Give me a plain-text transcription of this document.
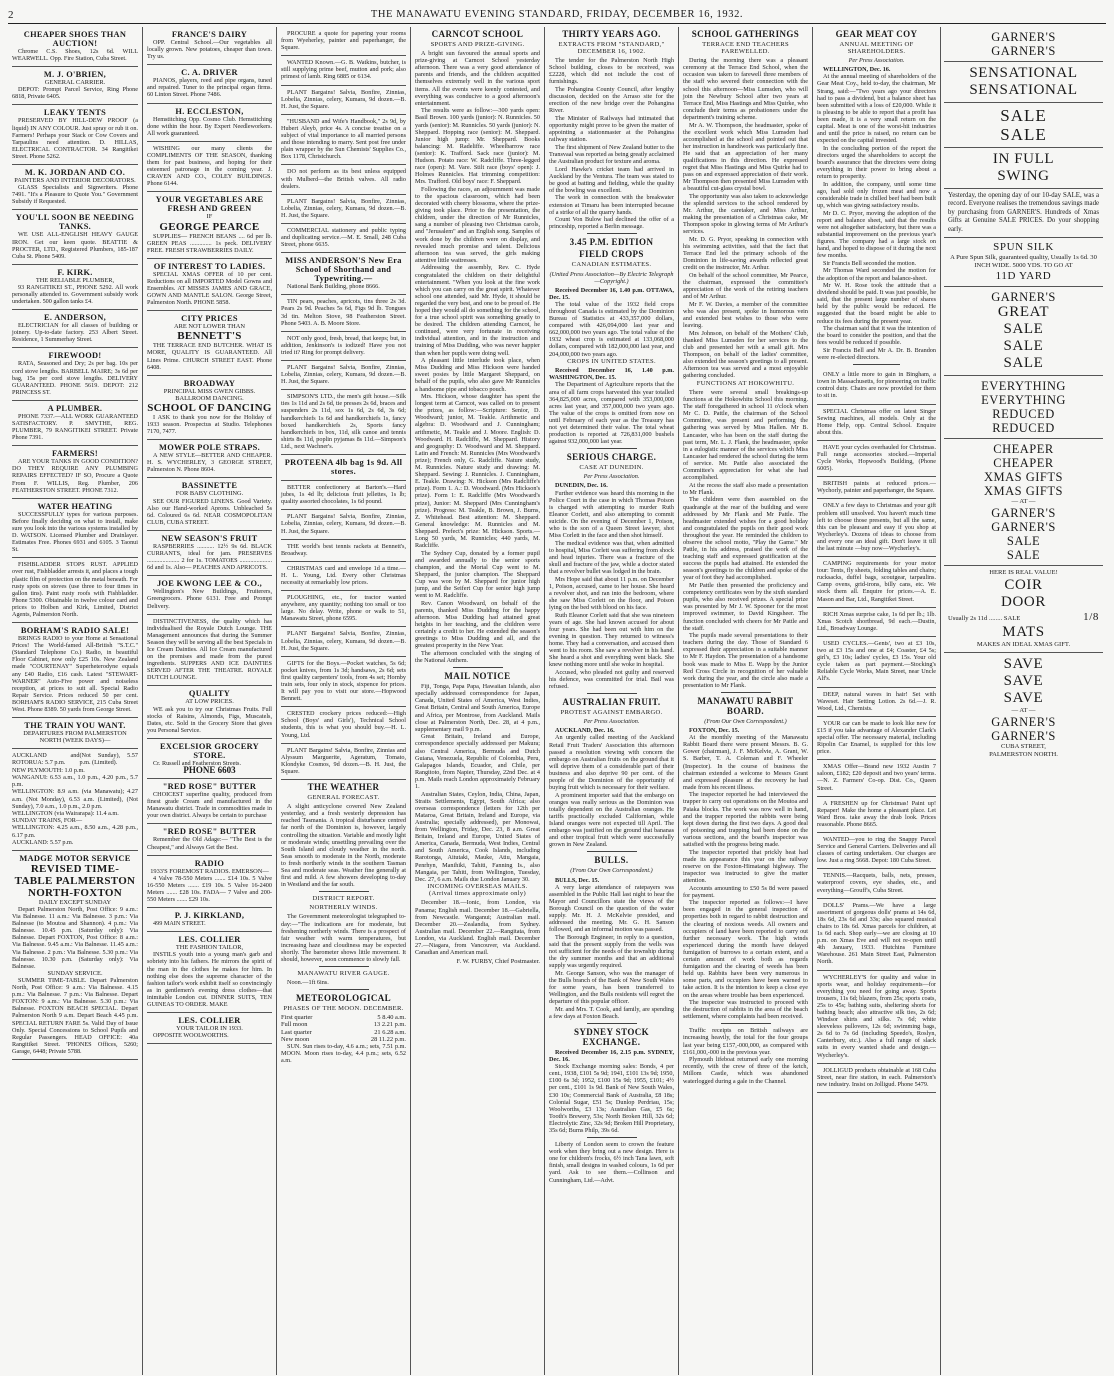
2	THE MANAWATU EVENING STANDARD, FRIDAY, DECEMBER 16, 1932.
CHEAPER SHOES THAN AUCTION!
Chrome C.S. Shoes, 12s 6d. WILL WEARWELL. Opp. Fire Station, Cuba Street.
M. J. O'BRIEN,
GENERAL CARRIER.
DEPOT: Prompt Parcel Service, Ring Phone 6818, Private 6405.
LEAKY TENTS
PRESERVED BY HILL-DEW PROOF (a liquid) IN ANY COLOUR. Just spray or rub it on. Farmers! Perhaps your Stack or Cow Covers and Tarpaulins need attention. D. HILLAS, ELECTRICAL CONTRACTOR. 34 Rangitikei Street. Phone 5262.
M. K. JORDAN AND CO.
PAINTERS AND INTERIOR DECORATORS.
GLASS Specialists and Signwriters. Phone 7491. "It's a Pleasure to Quote You." Government Subsidy if Requested.
YOU'LL SOON BE NEEDING TANKS.
WE USE ALL-ENGLISH HEAVY GAUGE IRON. Get our keen quote. BEATTIE & PROCTER, LTD., Registered Plumbers, 185-187 Cuba St. Phone 5409.
F. KIRK.
THE RELIABLE PLUMBER,
93 RANGITIKEI ST., PHONE 5292. All work personally attended to. Government subsidy work undertaken. 500 gallon tanks £4.
E. ANDERSON,
ELECTRICIAN for all classes of building or joinery. Up-to-date factory. 253 Albert Street. Residence, 1 Summerhay Street.
FIREWOOD!
RATA, Seasoned and Dry; 2s per bag. 10s per cord stove lengths. BARBELL MAIRE; 3s 6d per bag, 15s per cord stove lengths. DELIVERY GUARANTEED. PHONE 5619. DEPOT: 212 PRINCESS ST.
A PLUMBER.
PHONE 7337.—ALL WORK GUARANTEED SATISFACTORY. P. SMYTHE, REG. PLUMBER, 79 RANGITIKEI STREET. Private Phone 7391.
FARMERS!
ARE YOUR TANKS IN GOOD CONDITION? DO THEY REQUIRE ANY PLUMBING REPAIRS EFFECTED? IF SO, Procure a Quote From F. WILLIS, Reg. Plumber, 206 FEATHERSTON STREET. PHONE 7312.
WATER HEATING
SUCCESSFULLY types for various purposes. Before finally deciding on what to install, make sure you look into the various systems installed by D. WATSON. Licensed Plumber and Drainlayer. Estimates Free. Phones 6931 and 6105. 3 Taonui St.
FISHBLADDER STOPS RUST. APPLIED over rust, Fishbladder arrests it, and places a tough plastic film of protection on the metal beneath. For rusty spots on stoves (use three to four times in gallon tins). Paint rusty roofs with Fishbladder. Phone 5300. Obtainable in twelve colour card and prices to Holben and Kirk, Limited, District Agents, Palmerston North.
BORHAM'S RADIO SALE!
BRINGS RADIO to your Home at Sensational Prices! The World-famed All-British "S.T.C." (Standard Telephone Co.) Radio, in beautiful Floor Cabinet, now only £25 10s. New Zealand made "COURTENAY" Superheterodyne equals any £40 Radio, £16 cash. Latest "STEWART-WARNER" Auto-Five power and noiseless reception, at prices to suit all. Special Radio Repair Service. Prices reduced 50 per cent. BORHAM'S RADIO SERVICE, 215 Cuba Street West. Phone 8389. 50 yards from George Street.
THE TRAIN YOU WANT.
DEPARTURES FROM PALMERSTON NORTH (WEEK DAYS)—
AUCKLAND and ROTORUA: 5.7 p.m.
(Not Sunday), 5.57 p.m. (Limited).
NEW PLYMOUTH: 1.0 p.m.
WANGANUI: 6.53 a.m., 1.0 p.m., 4.20 p.m., 5.7 p.m.
WELLINGTON: 8.9 a.m. (via Manawatu); 4.27 a.m. (Not Monday), 6.53 a.m. (Limited), (Not Sunday), 7.0 a.m., 1.0 p.m., 2.0 p.m.
WELLINGTON (via Wairarapa): 11.4 a.m.
SUNDAY TRAINS, FOR—
WELLINGTON: 4.25 a.m., 8.50 a.m., 4.28 p.m., 6.17 p.m.
AUCKLAND: 5.57 p.m.
MADGE MOTOR SERVICE
REVISED TIME-TABLE PALMERSTON NORTH-FOXTON
DAILY EXCEPT SUNDAY
Depart Palmerston North, Post Office: 9 a.m.: Via Balnesse. 11 a.m.: Via Balnesse. 3 p.m.: Via Balnesse (to Moutoa and Shannon). 4 p.m.: Via Balnesse. 10.45 p.m. (Saturday only): Via Balnesse. Depart FOXTON, Post Office: 8 a.m.: Via Balnesse. 9.45 a.m.: Via Balnesse. 11.45 a.m.: Via Balnesse. 2 p.m.: Via Balnesse. 5.30 p.m.: Via Balnesse. 10.30 p.m. (Saturday only): Via Balnesse.
SUNDAY SERVICE.
SUMMER TIME-TABLE. Depart Palmerston North, Post Office: 9 a.m.: Via Balnesse. 4.15 p.m.: Via Balnesse. 7 p.m.: Via Balnesse. Depart FOXTON: 9 a.m.: Via Balnesse. 5.30 p.m.: Via Balnesse. FOXTON BEACH SPECIAL. Depart Palmerston North 9 a.m. Depart Beach 4.45 p.m. SPECIAL RETURN FARE 5s. Valid Day of Issue Only. Special Concessions to School Pupils and Regular Passengers. HEAD OFFICE: 40a Rangitikei Street. 'PHONES Offices, 5260; Garage, 6448; Private 5788.
FRANCE'S DAIRY
OPP. Central School.—Our vegetables all locally grown. New potatoes, cheaper than town. Try us.
C. A. DRIVER
PIANOS, players, reed and pipe organs, tuned and repaired. Tuner to the principal organ firms. 60 Linton Street. Phone 7486.
H. ECCLESTON,
Hemstitching Opp. Cosmo Club. Hemstitching done within the hour. By Expert Needleworkers. All work guaranteed.
WISHING our many clients the COMPLIMENTS OF THE SEASON, thanking them for past business, and hoping for their esteemed patronage in the coming year. J. CRAVEN AND CO., COLEY BUILDINGS. Phone 6144.
YOUR VEGETABLES ARE FRESH AND GREEN
IF
GEORGE PEARCE
SUPPLIES— FRENCH BEANS .... 6d per lb. GREEN PEAS .............. 1s peck. DELIVERY FREE. FRESH STRAWBERRIES DAILY.
OF INTEREST TO LADIES.
SPECIAL XMAS OFFER of 10 per cent. Reductions on all IMPORTED Model Gowns and Ensembles. AT MISSES JAMES AND GRACE, GOWN AND MANTLE SALON. George Street, Palmerston North. PHONE 5858.
CITY PRICES
ARE NOT LOWER THAN
BENNETT'S
THE TERRACE END BUTCHER. WHAT IS MORE, QUALITY IS GUARANTEED. All Lines Prime. CHURCH STREET EAST. Phone 6408.
BROADWAY
PRINCIPAL MISS GWEN GIBBS. BALLROOM DANCING.
SCHOOL OF DANCING
I ASK to thank you now for the Holiday of 1933 season. Prospectus at Studio. Telephones 7170, 7477.
MOWER POLE STRAPS.
A NEW STYLE—BETTER AND CHEAPER. H. S. WYCHERLEY, 3 GEORGE STREET, Palmerston N. Phone 8604.
BASSINETTE
FOR BABY CLOTHING.
SEE OUR FIGURED LINENS. Good Variety. Also our Hand-worked Aprons. Unbleached 5s 6d. Coloured 6s 6d. NEAR COSMOPOLITAN CLUB, CUBA STREET.
NEW SEASON'S FRUIT
RASPBERRIES ........... 12½ 9s 6d. BLACK CURRANTS, ideal for jam. PRESERVES ..................... 2 for 1s. TOMATOES ..................... 6d and 1s. Also— PEACHES AND APRICOTS.
JOE KWONG LEE & CO.,
Wellington's New Buildings, Fruiterers, Greengrocers. Phone 6131. Free and Prompt Delivery.
DISTINCTIVENESS, the quality which has individualised the Royale Dutch Lounge. THE Management announces that during the Summer Season they will be serving all the best Specials in Ice Cream Dainties. All Ice Cream manufactured on the premises and made from the purest ingredients. SUPPERS AND ICE DAINTIES SERVED AFTER THE THEATRE. ROYALE DUTCH LOUNGE.
QUALITY
AT LOW PRICES.
WE ask you to try our Christmas Fruits. Full stocks of Raisins, Almonds, Figs, Muscatels, Dates, etc. Sold in the Grocery Store that gives you Personal Service.
EXCELSIOR GROCERY STORE.
Cr. Russell and Featherston Streets.
PHONE 6603
"RED ROSE" BUTTER
CHOICEST superfine quality, produced from finest grade Cream and manufactured in the Manawatu district. Trade in commodities made in your own district. Always be certain to purchase
"RED ROSE" BUTTER
Remember the Old Adage:— "The Best is the Cheapest," and Always Get the Best.
RADIO
1933'S FOREMOST RADIOS. EMERSON—
4 Valve 78-550 Meters ....... £14 10s. 5 Valve 16-550 Meters ....... £19 10s. 5 Valve 16-2400 Meters ....... £28 10s. FADA— 7 Valve and 200-550 Meters ....... £29 10s.
P. J. KIRKLAND,
499 MAIN STREET.
LES. COLLIER
THE FASHION TAILOR,
INSTILS youth into a young man's garb and sobriety into his fathers. He mirrors the spirit of the man in the clothes he makes for him. In nothing else does the supreme character of the fashion tailor's work exhibit itself so convincingly as in gentlemen's evening dress clothes—that inimitable London cut. DINNER SUITS, TEN GUINEAS TO ORDER. MAKE
LES. COLLIER
YOUR TAILOR IN 1933.
OPPOSITE WOOLWORTHS.
PROCURE a quote for papering your rooms from Wyeherley, painter and paperhanger, the Square.
WANTED Known.—G. B. Watkins, butcher, is still supplying prime beef, mutton and pork; also primest of lamb. Ring 6885 or 6134.
PLANT Bargains! Salvia, Bonfire, Zinnias, Lobelia, Zinnias, celery, Kumara, 9d dozen.—B. H. Just, the Square.
"HUSBAND and Wife's Handbook," 2s 9d, by Hubert Aleyb, price 4s. A concise treatise on a subject of vital importance to all married persons and those intending to marry. Sent post free under plain wrapper by the Sun Chemists' Supplies Co., Box 1178, Christchurch.
DO not perform as its best unless equipped with Mulberd—the British valves. All radio dealers.
PLANT Bargains! Salvia, Bonfire, Zinnias, Lobelia, Zinnias, celery, Kumara, 9d dozen.—B. H. Just, the Square.
COMMERCIAL stationery and public typing and duplicating service.—M. E. Small, 248 Cuba Street, phone 6635.
MISS ANDERSON'S New Era School of Shorthand and Typewriting.—
National Bank Building, phone 8666.
TIN pears, peaches, apricots, tins three 2s 3d. Pears 2s 9d. Peaches 5s 6d, Figs 9d lb. Tongues 3d tin. Melton Stove, 98 Featherston Street. Phone 5403. A. B. Moore Store.
NOT only good, fresh, bread, that keeps; but, in addition, Jenkinson's is iodized! Have you not tried it? Ring for prompt delivery.
PLANT Bargains! Salvia, Bonfire, Zinnias, Lobelia, Zinnias, celery, Kumara, 9d dozen.—B. H. Just, the Square.
SIMPSON'S LTD., the men's gift house.—Silk ties 1s 11d and 2s 6d, tie presses 2s 6d, braces and suspenders 2s 11d, sox 1s 6d, 2s 6d, 3s 6d; handkerchiefs 1s 6d and handkerchiefs 1s, fancy boxed handkerchiefs 2s, Sports fancy handkerchiefs in box, 11d, silk canoe and tennis shirts 8s 11d, poplin pyjamas 8s 11d.—Simpson's Ltd., next Wachner's.
PROTEENA 4lb bag 1s 9d. All stores.
BETTER confectionery at Barton's.—Hard jubes, 1s 4d lb; delicious fruit jellettes, 1s lb; quality assorted chocolates, 1s 6d pound.
PLANT Bargains! Salvia, Bonfire, Zinnias, Lobelia, Zinnias, celery, Kumara, 9d dozen.—B. H. Just, the Square.
THE world's best tennis rackets at Bennett's, Broadway.
CHRISTMAS card and envelope 1d a time.—H. L. Young, Ltd. Every other Christmas necessity at remarkably low prices.
PLOUGHING, etc., for tractor wanted anywhere, any quantity; nothing too small or too large. No delay. Write, phone or walk to 51, Manawatu Street, phone 6595.
PLANT Bargains! Salvia, Bonfire, Zinnias, Lobelia, Zinnias, celery, Kumara, 9d dozen.—B. H. Just, the Square.
GIFTS for the Boys.—Pocket watches, 5s 6d; pocket knives, from 1s 3d; handsaws, 2s 6d; sets first quality carpenters' tools, from 4s set; Hornby train sets, four only in stock, sixpence for prices. It will pay you to visit our store.—Hopwood Bennett.
CRESTED crockery prices reduced:—High School (Boys' and Girls'), Technical School students, this is what you should buy.—H. L. Young, Ltd.
PLANT Bargains! Salvia, Bonfire, Zinnias and Alyssum Marguerite, Ageratum, Tomato, Klondyke Cosmos, 9d dozen.—B. H. Just, the Square.
THE WEATHER
GENERAL FORECAST.
A slight anticyclone covered New Zealand yesterday, and a fresh westerly depression has reached Tasmania. A tropical disturbance centred far north of the Dominion is, however, largely controlling the situation. Variable and mostly light or moderate winds; unsettling prevailing over the South Island and cloudy weather in the north. Seas smooth to moderate in the North, moderate to fresh northerly winds in the southern Tasman Sea and moderate seas. Weather fine generally at first and mild. A few showers developing to-day in Westland and the far south.
DISTRICT REPORT.
NORTHERLY WINDS.
The Government meteorologist telegraphed to-day:—"The indications are for moderate, but freshening northerly winds. There is a prospect of fair weather with warm temperatures, but increasing haze and cloudiness may be expected shortly. The barometer shows little movement. It should, however, soon commence to slowly fall.
MANAWATU RIVER GAUGE.
Noon.—1ft 6ins.
METEOROLOGICAL
PHASES OF THE MOON. DECEMBER.
First quarter	5 8.40 a.m.
Full moon	13 2.21 p.m.
Last quarter	21 6.28 a.m.
New moon	28 11.22 p.m.
SUN. Sun rises to-day, 4.6 a.m.; sets, 7.51 p.m. MOON. Moon rises to-day, 4.4 p.m.; sets, 6.52 a.m.
CARNCOT SCHOOL
SPORTS AND PRIZE-GIVING.
A bright sun favoured the annual sports and prize-giving at Carncot School yesterday afternoon. There was a very good attendance of parents and friends, and the children acquitted themselves extremely well in the various sport items. All the events were keenly contested, and everything was conducive to a good afternoon's entertainment.
The results were as follow:—300 yards open: Basil Brown. 100 yards (junior): N. Runnicles. 50 yards (senior): M. Runnicles. 50 yards (junior): N. Sheppard. Hopping race (senior): M. Sheppard. Junior high jump: Mr. Sheppard. Books balancing: M. Radeliffe. Wheelbarrow race (senior): K. Trafford. Sack race (junior): M. Hudson. Potato race: W. Radcliffe. Three-legged race (open): M. Vare. Stilt race (boys' open): J. Holmes Runnicles. Hat trimming competition: Mrs. Trafford. Old boys' race: F. Sheppard.
Following the races, an adjournment was made to the spacious classroom, which had been decorated with cheery blossoms, where the prize-giving took place. Prior to the presentation, the children, under the direction of Mr Runnicles, sang a number of pleasing two Christmas carols, and "Jerusalem" and an English song. Samples of work done by the children were on display, and revealed much promise and talent. Delicious afternoon tea was served, the girls making attentive little waitresses.
Addressing the assembly, Rev. C. Hyde congratulated the children on their delightful entertainment. "When you look at the fine work which you can carry on the great spirit. Whatever school one attended, said Mr. Hyde, it should be regarded the very best, and one to be proud of. He hoped they would all do something for the school, for a true school spirit was something greatly to be desired. The children attending Carncot, he continued, were very fortunate in receiving individual attention, and in the instruction and training of Miss Dudding, who was never happier than when her pupils were doing well.
A pleasant little interlude took place, when Miss Dudding and Miss Hickson were handed sweet posies by little Margaret Sheppard, on behalf of the pupils, who also gave Mr Runnicles a handsome pipe and tobacco pouch.
Mrs. Hickson, whose daughter has spent the longest term at Carncot, was called on to present the prizes, as follow:—Scripture: Senior, D. Woodward; junior, M. Teakle. Arithmetic and algebra: D. Woodward and J. Cunningham; arithmetic, M. Teakle and J. Moore. English: D. Woodward. H. Radcliffe, M. Sheppard. History and geography: D. Woodward and M. Sheppard. Latin and French: M. Runnicles (Mrs Woodward's prize); French only, G. Radcliffe. Nature study, M. Runnicles. Nature study and drawing: M. Sheppard. Sewing: J. Runnicles. J. Cunningham, E. Teakle. Drawing: N. Hickson (Mrs Radcliffe's prize). Form 1. A.: D. Woodward. (Mrs Hickson's prize). Form 1: E. Radcliffe (Mrs Woodward's prize), Junior: M. Sheppard (Mrs Cunningham's prize). Progress: M. Teakle, B. Brown, J. Burns, Z. Whitehead. Best attention: M. Sheppard. General knowledge: M. Runnicles and M. Sheppard. Prefect's prize: M. Hickson. Sports.—Long 50 yards, M. Runnicles; 440 yards, M. Radcliffe.
The Sydney Cup, donated by a former pupil and awarded annually to the senior sports champion, and the Mortal Cup went to M. Sheppard, the junior champion. The Sheppard Cup was won by M. Sheppard for junior high jump, and the Seifert Cup for senior high jump went to M. Radcliffe.
Rev. Canon Woodward, on behalf of the parents, thanked Miss Dudding for the happy afternoon. Miss Dudding had attained great heights in her teaching, and the children were certainly a credit to her. He extended the season's greetings to Miss Dudding and all, and the greatest prosperity in the New Year.
The afternoon concluded with the singing of the National Anthem.
MAIL NOTICE
Fiji, Tonga, Papa Papa, Hawaiian Islands, also specially addressed correspondence for Japan, Canada, United States of America, West Indies, Great Britain, Central and South America, Europe and Africa, per Montrose, from Auckland. Mails close at Palmerston North, Dec. 28, at 4 p.m., supplementary mail 9 p.m.
Great Britain, Ireland and Europe, correspondence specially addressed per Makura; also Central America, Bermuda and Dutch Guiana, Venezuela, Republic of Colombia, Peru, Galapagos Islands, Ecuador, and Chile, per Rangitoto, from Napier, Thursday, 22nd Dec. at 4 p.m. Mails reach London approximately February 1.
Australian States, Ceylon, India, China, Japan, Straits Settlements, Egypt, South Africa; also overseas correspondence (letters for 12th per Mataroa, Great Britain, Ireland and Europe, via Australia; specially addressed), per Monowai, from Wellington, Friday, Dec. 23, 8 a.m. Great Britain, Ireland and Europe, United States of America, Canada, Bermuda, West Indies, Central and South America, Cook Islands, including Rarotonga, Aitutaki, Mauke, Atiu, Mangaia, Penrhyn, Manihiki, Tahiti, Fanning Is., also Mangaia, per Tahiti, from Wellington, Tuesday, Dec. 27, 6 a.m. Mails due London January 30.
INCOMING OVERSEAS MAILS. (Arrival times approximate only)
December 18.—Ionic, from London, via Panama; English mail. December 18.—Gabriella, from Newcastle. Wanganui; Australian mail. December 20.—Zealandia, from Sydney. Australian mail. December 22.—Rangitata, from London, via Auckland. English mail. December 27.—Niagara, from Vancouver, via Auckland. Canadian and American mail.
F. W. FURBY, Chief Postmaster.
THIRTY YEARS AGO.
EXTRACTS FROM "STANDARD," DECEMBER 16, 1902.
The tender for the Palmerston North High School building, closes to be received, was £2228, which did not include the cost of furnishings.
The Pohangina County Council, after lengthy discussion, decided on the Arraso site for the erection of the new bridge over the Pohangina River.
The Minister of Railways had intimated that opportunity might prove to be given the matter of appointing a stationmaster at the Pohangina railway station.
The first shipment of New Zealand butter to the Transvaal was reported as being greatly acclaimed the Australian product for texture and aroma.
Lord Hawke's cricket team had arrived in Auckland by the Ventura. The team was stated to be good at batting and fielding, while the quality of the bowling was excellent.
The work in connection with the breakwater extension at Timaru has been interrupted because of a strike of all the quarry hands.
Count Von Bulow had declined the offer of a princeship, reported a Berlin message.
3.45 P.M. EDITION
FIELD CROPS
CANADIAN ESTIMATES.
(United Press Association—By Electric Telegraph—Copyright.)
Received December 16, 1.40 p.m. OTTAWA, Dec. 15.
The total value of the 1932 field crops throughout Canada is estimated by the Dominion Bureau of Statistics at 433,357,000 dollars, compared with 426,094,000 last year and 662,000,000 two years ago. The total value of the 1932 wheat crop is estimated at 133,068,000 dollars, compared with 182,000,000 last year, and 204,000,000 two years ago.
CROPS IN UNITED STATES.
Received December 16, 1.40 p.m. WASHINGTON, Dec. 15.
The Department of Agriculture reports that the area of all farm crops harvested this year totalled 364,825,000 acres, compared with 353,000,000 acres last year, and 357,000,000 two years ago. The value of the crops is omitted from now on until February of each year as the Treasury has not yet determined their value. The total wheat production is reported at 726,831,000 bushels against 932,000,000 last year.
SERIOUS CHARGE.
CASE AT DUNEDIN.
Per Press Association.
DUNEDIN, Dec. 16.
Further evidence was heard this morning in the Police Court in the case in which Thomas Poison is charged with attempting to murder Ruth Eleanor Corlett, and also attempting to commit suicide. On the evening of December 1, Poison, who is the son of a Queen Street lawyer, shot Miss Corlett in the face and then shot himself.
The medical evidence was that, when admitted to hospital, Miss Corlett was suffering from shock and head injuries. There was a fracture of the skull and fracture of the jaw, while a doctor stated that a revolver bullet was lodged in the brain.
Mrs Hope said that about 11 p.m. on December 1, Poison, accused, came to her house. She heard a revolver shot, and ran into the bedroom, where she saw Miss Corlett on the floor, and Poison lying on the bed with blood on his face.
Ruth Eleanor Corlett said that she was nineteen years of age. She had known accused for about four years. She had been out with him on the evening in question. They returned to witness's home. They had a conversation, and accused then went to his room. She saw a revolver in his hand. She heard a shot and everything went black. She knew nothing more until she woke in hospital.
Accused, who pleaded not guilty and reserved his defence, was committed for trial. Bail was refused.
AUSTRALIAN FRUIT.
PROTEST AGAINST EMBARGO.
Per Press Association.
AUCKLAND, Dec. 16.
An urgently called meeting of the Auckland Retail Fruit Traders' Association this afternoon passed a resolution viewing with concern the embargo on Australian fruits on the ground that it will deprive them of a considerable part of their business and also deprive 90 per cent. of the people of the Dominion of the opportunity of buying fruit which is necessary for their welfare.
A prominent importer said that the embargo on oranges was really serious as the Dominion was totally dependent on the Australian oranges. He tariffs practically excluded Californian, while Island oranges were not expected till April. The embargo was justified on the ground that bananas and other tropical fruit which were successfully grown in New Zealand.
BULLS.
(From Our Own Correspondent.)
BULLS, Dec. 15.
A very large attendance of ratepayers was assembled in the Public Hall last night to hear the Mayor and Councillors state the views of the Borough Council on the question of the water supply. Mr. H. J. McKelvie presided, and addressed the meeting. Mr. G. H. Sanson followed, and an informal motion was passed.
The Borough Engineer, in reply to a question, said that the present supply from the wells was not sufficient for the needs of the township during the dry summer months and that an additional supply was urgently required.
Mr. George Sanson, who was the manager of the Bulls branch of the Bank of New South Wales for some years, has been transferred to Wellington, and the Bulls residents will regret the departure of this popular officer.
Mr. and Mrs. T. Cook, and family, are spending a few days at Foxton Beach.
SYDNEY STOCK EXCHANGE.
Received December 16, 2.15 p.m. SYDNEY, Dec. 16.
Stock Exchange morning sales: Bonds, 4 per cent., 1938, £101 5s 9d; 1941, £101 13s 9d; 1950, £100 6s 3d; 1952, £100 15s 9d; 1955, £101; 4½ per cent., £101 1s 9d. Bank of New South Wales, £30 10s; Commercial Bank of Australia, £8 18s; Colonial Sugar, £51 5s; Dunlop Perdriau, 15s; Woolworths, £3 13s; Australian Gas, £5 6s; Tooth's Brewery, 53s; North Broken Hill, 32s 6d; Electrolytic Zinc, 32s 9d; Broken Hill Proprietary, 35s 6d; Burns Philp, 39s 6d.
Liberty of London seem to crown the feature work when they bring out a new design. Here is one for children's frocks, 6½ inch Tana lawn, soft finish, small designs in washed colours, 1s 6d per yard. Ask to see them.—Collinson and Cunningham, Ltd.—Advt.
SCHOOL GATHERINGS
TERRACE END TEACHERS FAREWELLED.
During the morning there was a pleasant ceremony at the Terrace End School, when the occasion was taken to farewell three members of the staff who severed their connection with the school this afternoon—Miss Lumsden, who will join the Newbury School after two years at Terrace End, Miss Hastings and Miss Quirke, who conclude their terms as probationers under the department's training scheme.
Mr A. W. Thompson, the headmaster, spoke of the excellent work which Miss Lumsden had accomplished at the school and pointed out that her instruction in handiwork was particularly fine. He said that an appreciation of her many qualifications in this direction. He expressed regret that Miss Hastings and Miss Quirke had to pass on and expressed appreciation of their work. Mr Thompson then presented Miss Lumsden with a beautiful cut-glass crystal bowl.
The opportunity was also taken to acknowledge the splendid services to the school rendered by Mr. Arthur, the caretaker, and Miss Arthur, making the presentation of a Christmas cake, Mr Thompson spoke in glowing terms of Mr Arthur's services.
Mr. D. G. Pryor, speaking in connection with his swimming activities, said that the fact that Terrace End led the primary schools of the Dominion in life-saving awards reflected great credit on the instructor, Mr. Arthur.
On behalf of the school committee, Mr Pearce, the chairman, expressed the committee's appreciation of the work of the retiring teachers and of Mr Arthur.
Mr F. W. Davies, a member of the committee who was also present, spoke in humorous vein and extended best wishes to those who were leaving.
Mrs Johnson, on behalf of the Mothers' Club, thanked Miss Lumsden for her services to the club and presented her with a small gift. Mrs Thompson, on behalf of the ladies' committee, also extended the season's greetings to all present. Afternoon tea was served and a most enjoyable gathering concluded.
FUNCTIONS AT HOKOWHITU.
There were several small breakings-up functions at the Hokowhitu School this morning. The staff foregathered in school 11 o'clock when Mr C. D. Pattle, the chairman of the School Committee, was present and performing the gathering was served by Miss Hallen. Mr B. Lancaster, who has been on the staff during the past term, Mr. L. J. Flank, the headmaster, spoke in a eulogistic manner of the services which Miss Lancaster had rendered the school during the term of service. Mr. Pattle also associated the Committee's appreciation for what she had accomplished.
At the recess the staff also made a presentation to Mr Flank.
The children were then assembled on the quadrangle at the rear of the building and were addressed by Mr Flank and Mr Pattle. The headmaster extended wishes for a good holiday and congratulated the pupils on their good work throughout the year. He reminded the children to observe the school motto, "Play the Game." Mr Pattle, in his address, praised the work of the teaching staff and expressed gratification at the success the pupils had attained. He extended the season's greetings to the children and spoke of the year of foot they had accomplished.
Mr Pattle then presented the proficiency and competency certificates won by the sixth standard pupils, who also received prizes. A special prize was presented by Mr J. W. Spooner for the most improved swimmer, to David Kingsheer. The function concluded with cheers for Mr Pattle and the staff.
The pupils made several presentations to their teachers during the day. Those of Standard 6 expressed their appreciation in a suitable manner to Mr F. Haydon. The presentation of a handsome book was made to Miss E. Wapp by the Junior Red Cross Circle in recognition of her valuable work during the year, and the circle also made a presentation to Mr Flank.
MANAWATU RABBIT BOARD.
(From Our Own Correspondent.)
FOXTON, Dec. 15.
At the monthly meeting of the Manawatu Rabbit Board there were present Messrs. B. G. Gower (chairman), J. F. McKelvie, A. Grant, W. S. Barber, T. A. Coleman and F. Wheeler (Inspector). In the course of business the chairman extended a welcome to Messrs Grant and expressed pleasure at the recovery he had made from his recent illness.
The inspector reported he had interviewed the trapper to carry out operations on the Moutoa and Paiaka blocks. The work was now well in hand, and the trapper reported the rabbits were being kept down during the first two days. A good deal of poisoning and trapping had been done on the various sections, and the board's inspector was satisfied with the progress being made.
The inspector reported that prickly heat had made its appearance this year on the railway reserve on the Foxton-Himatangi highway. The inspector was instructed to give the matter attention.
Accounts amounting to £50 5s 8d were passed for payment.
The inspector reported as follows:—I have been engaged in the general inspection of properties both in regard to rabbit destruction and the clearing of noxious weeds. All owners and occupiers of land have been reported to carry out further necessary work. The high winds experienced during the month have delayed fumigation of burrows to a certain extent, and a certain amount of work both as regards fumigation and the clearing of weeds has been held up. Rabbits have been very numerous in some parts, and occupiers have been warned to take action. It is the intention to keep a close eye on the areas where trouble has been experienced.
The inspector was instructed to proceed with the destruction of rabbits in the area of the beach settlement, where complaints had been received.
Traffic receipts on British railways are increasing heavily, the total for the four groups last year being £157,-000,000, as compared with £161,000,-000 in the previous year.
Plymouth lifeboat returned early one morning recently, with the crew of three of the ketch, Millom Castle, which was abandoned waterlogged during a gale in the Channel.
GEAR MEAT COY
ANNUAL MEETING OF SHAREHOLDERS.
Per Press Association.
WELLINGTON, Dec. 16.
At the annual meeting of shareholders of the Gear Meat Coy., held to-day, the chairman, Mr Strang, said:—"Two years ago your directors had to pass a dividend, but a balance sheet has been submitted with a loss of £20,000. While it is pleasing to be able to report that a profit has been made, it is a very small return on the capital. Meat is one of the worst-hit industries and until the price is raised, no return can be expected on the capital invested.
In the concluding portion of the report the directors urged the shareholders to accept the board's assurance that the directors were doing everything in their power to bring about a return to prosperity.
In addition, the company, until some time ago, had sold only frozen meat and now a considerable trade in chilled beef had been built up, which was giving satisfactory results.
Mr D. C. Pryor, moving the adoption of the report and balance sheet, said that the results were not altogether satisfactory, but there was a substantial improvement on the previous year's figures. The company had a large stock on hand, and hoped to dispose of it during the next few months.
Sir Francis Bell seconded the motion.
Mr Thomas Ward seconded the motion for the adoption of the report and balance-sheet.
Mr W. H. Rose took the attitude that a dividend should be paid. It was just possible, he said, that the present large number of shares held by the public would be reduced. He suggested that the board might be able to reduce its fees during the present year.
The chairman said that it was the intention of the board to consider the position, and that the fees would be reduced if possible.
Sir Francis Bell and Mr A. Dr. B. Brandon were re-elected directors.
ONLY a little more to gain in Bingham, a town in Massachusetts, for pioneering on traffic control duty. Chairs are now provided for them to sit in.
SPECIAL Christmas offer on latest Singer Sewing machines, all models. Only at the Home Help, opp. Central School. Enquire about this.
HAVE your cycles overhauled for Christmas. Full range accessories stocked.—Imperial Cycle Works, Hopwood's Building, (Phone 6005).
BRITISH paints at reduced prices.—Wychorly, painter and paperhanger, the Square.
ONLY a few days to Christmas and your gift problem still unsolved. You haven't much time left to choose those presents, but all the same, this can be pleasant and easy if you shop at Wycherley's. Dozens of ideas to choose from and every one an ideal gift. Don't leave it till the last minute —buy now—Wycherley's.
CAMPING requirements for your motor tour: Tents, fly sheets, folding tables and chairs; rucksacks, duffel bags, scoutgear, tarpaulins. Camp ovens, grid-irons, billy cans, etc. We stock them all. Enquire for prices.—A. E. Mason and Bar, Ltd., Rangitikei Street.
RICH Xmas surprise cake, 1s 6d per lb.; 1lb. Xmas Scotch shortbread, 9d each.—Dustin, Ltd., Broadway Lounge.
USED CYCLES.—Gents', two at £3 10s, two at £3 15s and one at £4; Coaster, £4 5s; girl's, £3 10s; ladies' cycles, £3 15s. Your old cycle taken as part payment.—Stocking's Reliable Cycle Works, Main Street, near Uncle Alf's.
DEEP, natural waves in hair! Set with Waveset. Hair Setting Lotion. 2s 6d.—J. R. Wood, Ltd., Chemists.
YOUR car can be made to look like new for £15 if you take advantage of Alexander Clark's special offer. The necessary material, including Ripolin Car Enamel, is supplied for this low price.
XMAS Offer—Brand new 1932 Austin 7 saloon, £182; £20 deposit and two years' terms.—N. Z. Farmers' Co-op. Dist. Co., Queen Street.
A FRESHEN up for Christmas! Paint up! Repaper! Make the home a pleasant place. Let Ward Bros. take away the drab look. Prices reasonable. Phone 8665.
WANTED—you to ring the Snappy Parcel Service and General Carriers. Deliveries and all classes of carting undertaken. Our charges are low. Just a ring 5668. Depot: 180 Cuba Street.
TENNIS.—Racquets, balls, nets, presses, waterproof covers, eye shades, etc., and everything—Grouff's, Cuba Street.
DOLLS' Prams.—We have a large assortment of gorgeous dolls' prams at 14s 6d, 18s 6d, 23s 6d and 33s; also squared musical chairs to 18s 6d. Xmas parcels for children, at 1s 6d each. Shop early—we are closing at 10 p.m. on Xmas Eve and will not re-open until 4th January, 1933. Hutchins Furniture Warehouse. 261 Main Street East, Palmerston North.
WYCHERLEY'S for quality and value in sports wear, and holiday requirements—for everything you need for going away. Sports trousers, 11s 6d; blazers, from 25s; sports coats, 25s to 45s; bathing suits, sheltering shorts for bathing beach; also attractive silk ties, 2s 6d; Windsor shirts and silks. 7s 6d; white sleeveless pullovers, 12s 6d; swimming bags, 2s 6d to 7s 6d (including Speedo's, Roslyn, Canterbury, etc.). Also a full range of slack suits in every wanted shade and design.—Wycherley's.
JOLLIGUD products obtainable at 168 Cuba Street, near fire station, in each. Palmerston's new industry. Insist on Jolligud. Phone 5479.
GARNER'S
GARNER'S
SENSATIONAL
SENSATIONAL
SALE
SALE
IN FULL
SWING
Yesterday, the opening day of our 10-day SALE, was a record. Everyone realises the tremendous savings made by purchasing from GARNER'S. Hundreds of Xmas Gifts at Genuine SALE PRICES. Do your shopping early.
SPUN SILK
A Pure Spun Silk, guaranteed quality, Usually 1s 6d. 30 INCH WIDE. 5000 YDS. TO GO AT
11D YARD
GARNER'S
GREAT
SALE
SALE
SALE
EVERYTHING
EVERYTHING
REDUCED
REDUCED
CHEAPER
CHEAPER
XMAS GIFTS
XMAS GIFTS
— AT —
GARNER'S
GARNER'S
SALE
SALE
HERE IS REAL VALUE!
COIR
DOOR
Usually 2s 11d ........ SALE	1/8
MATS
MAKES AN IDEAL XMAS GIFT.
SAVE
SAVE
SAVE
— AT —
GARNER'S
GARNER'S
CUBA STREET,
PALMERSTON NORTH.
